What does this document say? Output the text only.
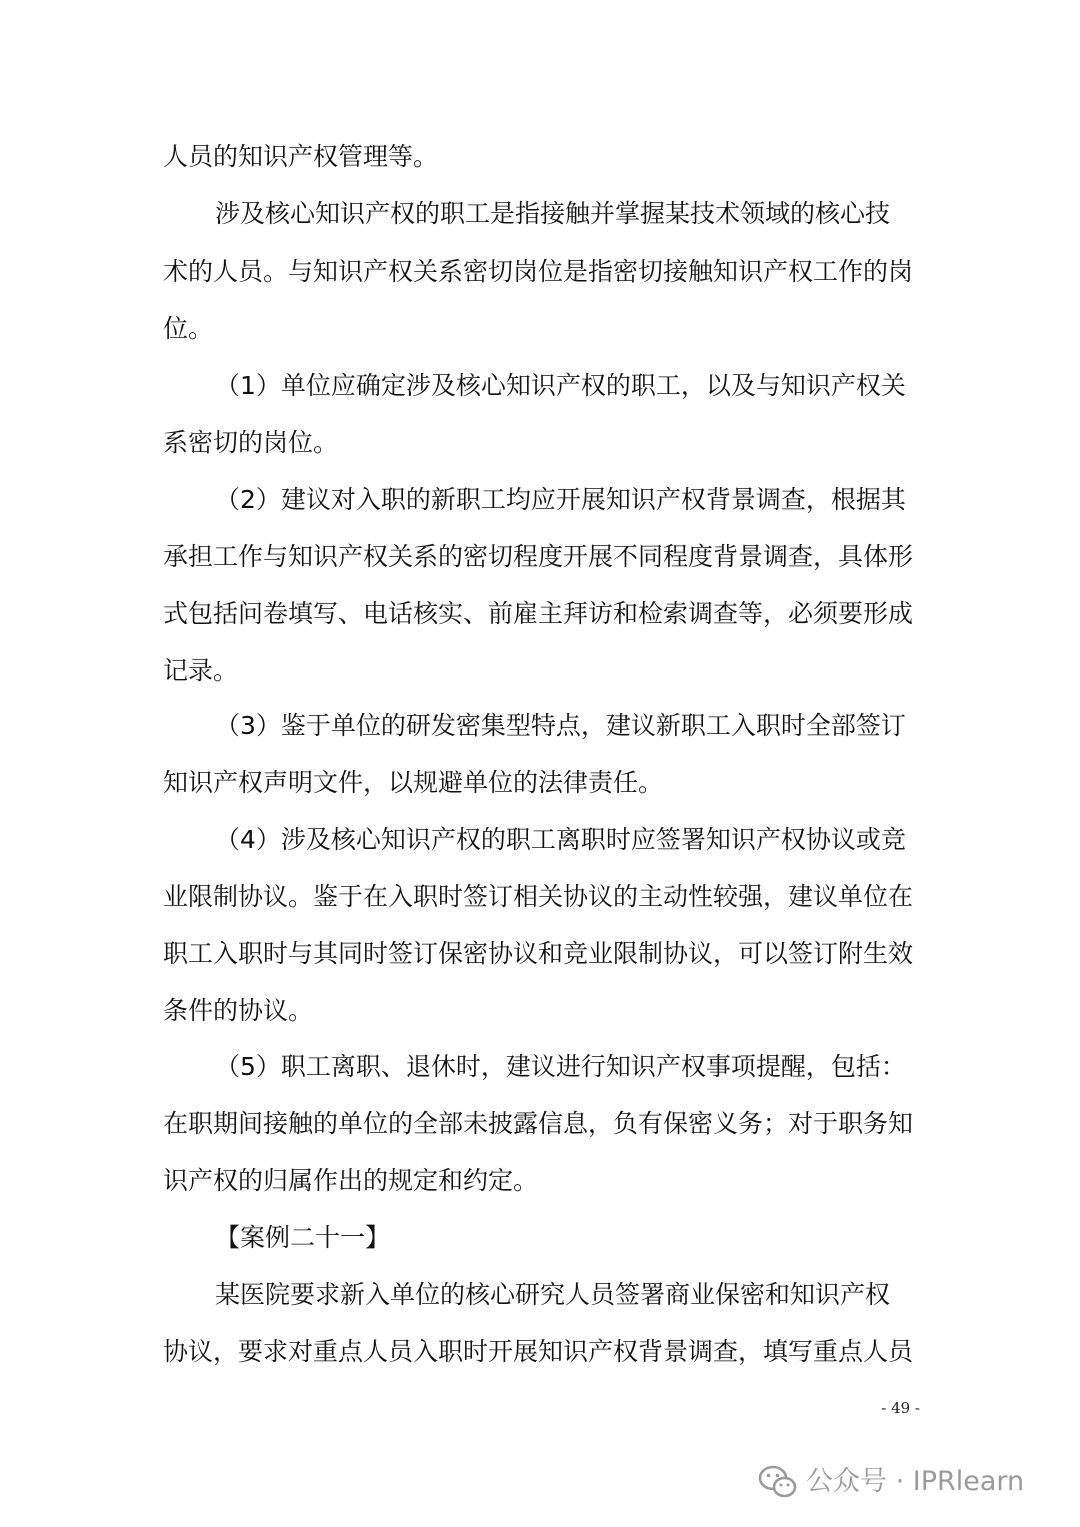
人员的知识产权管理等。
涉及核心知识产权的职工是指接触并掌握某技术领域的核心技
术的人员。与知识产权关系密切岗位是指密切接触知识产权工作的岗
位。
（1）单位应确定涉及核心知识产权的职工，以及与知识产权关
系密切的岗位。
（2）建议对入职的新职工均应开展知识产权背景调查，根据其
承担工作与知识产权关系的密切程度开展不同程度背景调查，具体形
式包括问卷填写、电话核实、前雇主拜访和检索调查等，必须要形成
记录。
（3）鉴于单位的研发密集型特点，建议新职工入职时全部签订
知识产权声明文件，以规避单位的法律责任。
（4）涉及核心知识产权的职工离职时应签署知识产权协议或竞
业限制协议。鉴于在入职时签订相关协议的主动性较强，建议单位在
职工入职时与其同时签订保密协议和竞业限制协议，可以签订附生效
条件的协议。
（5）职工离职、退休时，建议进行知识产权事项提醒，包括：
在职期间接触的单位的全部未披露信息，负有保密义务；对于职务知
识产权的归属作出的规定和约定。
【案例二十一】
某医院要求新入单位的核心研究人员签署商业保密和知识产权
协议，要求对重点人员入职时开展知识产权背景调查，填写重点人员
- 49 -
公众号 · IPRlearn
